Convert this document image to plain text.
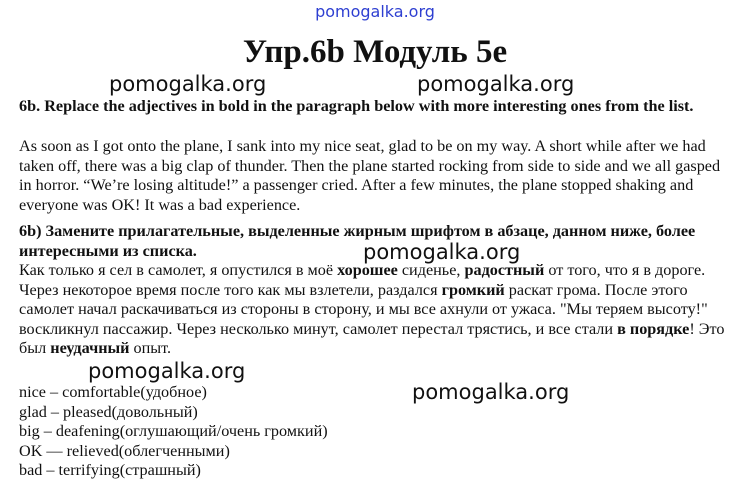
pomogalka.org
Упр.6b Модуль 5е
pomogalka.org	pomogalka.org

6b. Replace the adjectives in bold in the paragraph below with more interesting ones from the list.

As soon as I got onto the plane, I sank into my nice seat, glad to be on my way. A short while after we had taken off, there was a big clap of thunder. Then the plane started rocking from side to side and we all gasped in horror. “We’re losing altitude!” a passenger cried. After a few minutes, the plane stopped shaking and everyone was OK! It was a bad experience.

6b) Замените прилагательные, выделенные жирным шрифтом в абзаце, данном ниже, более интересными из списка.	pomogalka.org

Как только я сел в самолет, я опустился в моё хорошее сиденье, радостный от того, что я в дороге. Через некоторое время после того как мы взлетели, раздался громкий раскат грома. После этого самолет начал раскачиваться из стороны в сторону, и мы все ахнули от ужаса. "Мы теряем высоту!" воскликнул пассажир. Через несколько минут, самолет перестал трястись, и все стали в порядке! Это был неудачный опыт.

pomogalka.org
pomogalka.org
nice – comfortable(удобное)
glad – pleased(довольный)
big – deafening(оглушающий/очень громкий)
OK — relieved(облегченными)
bad – terrifying(страшный)
